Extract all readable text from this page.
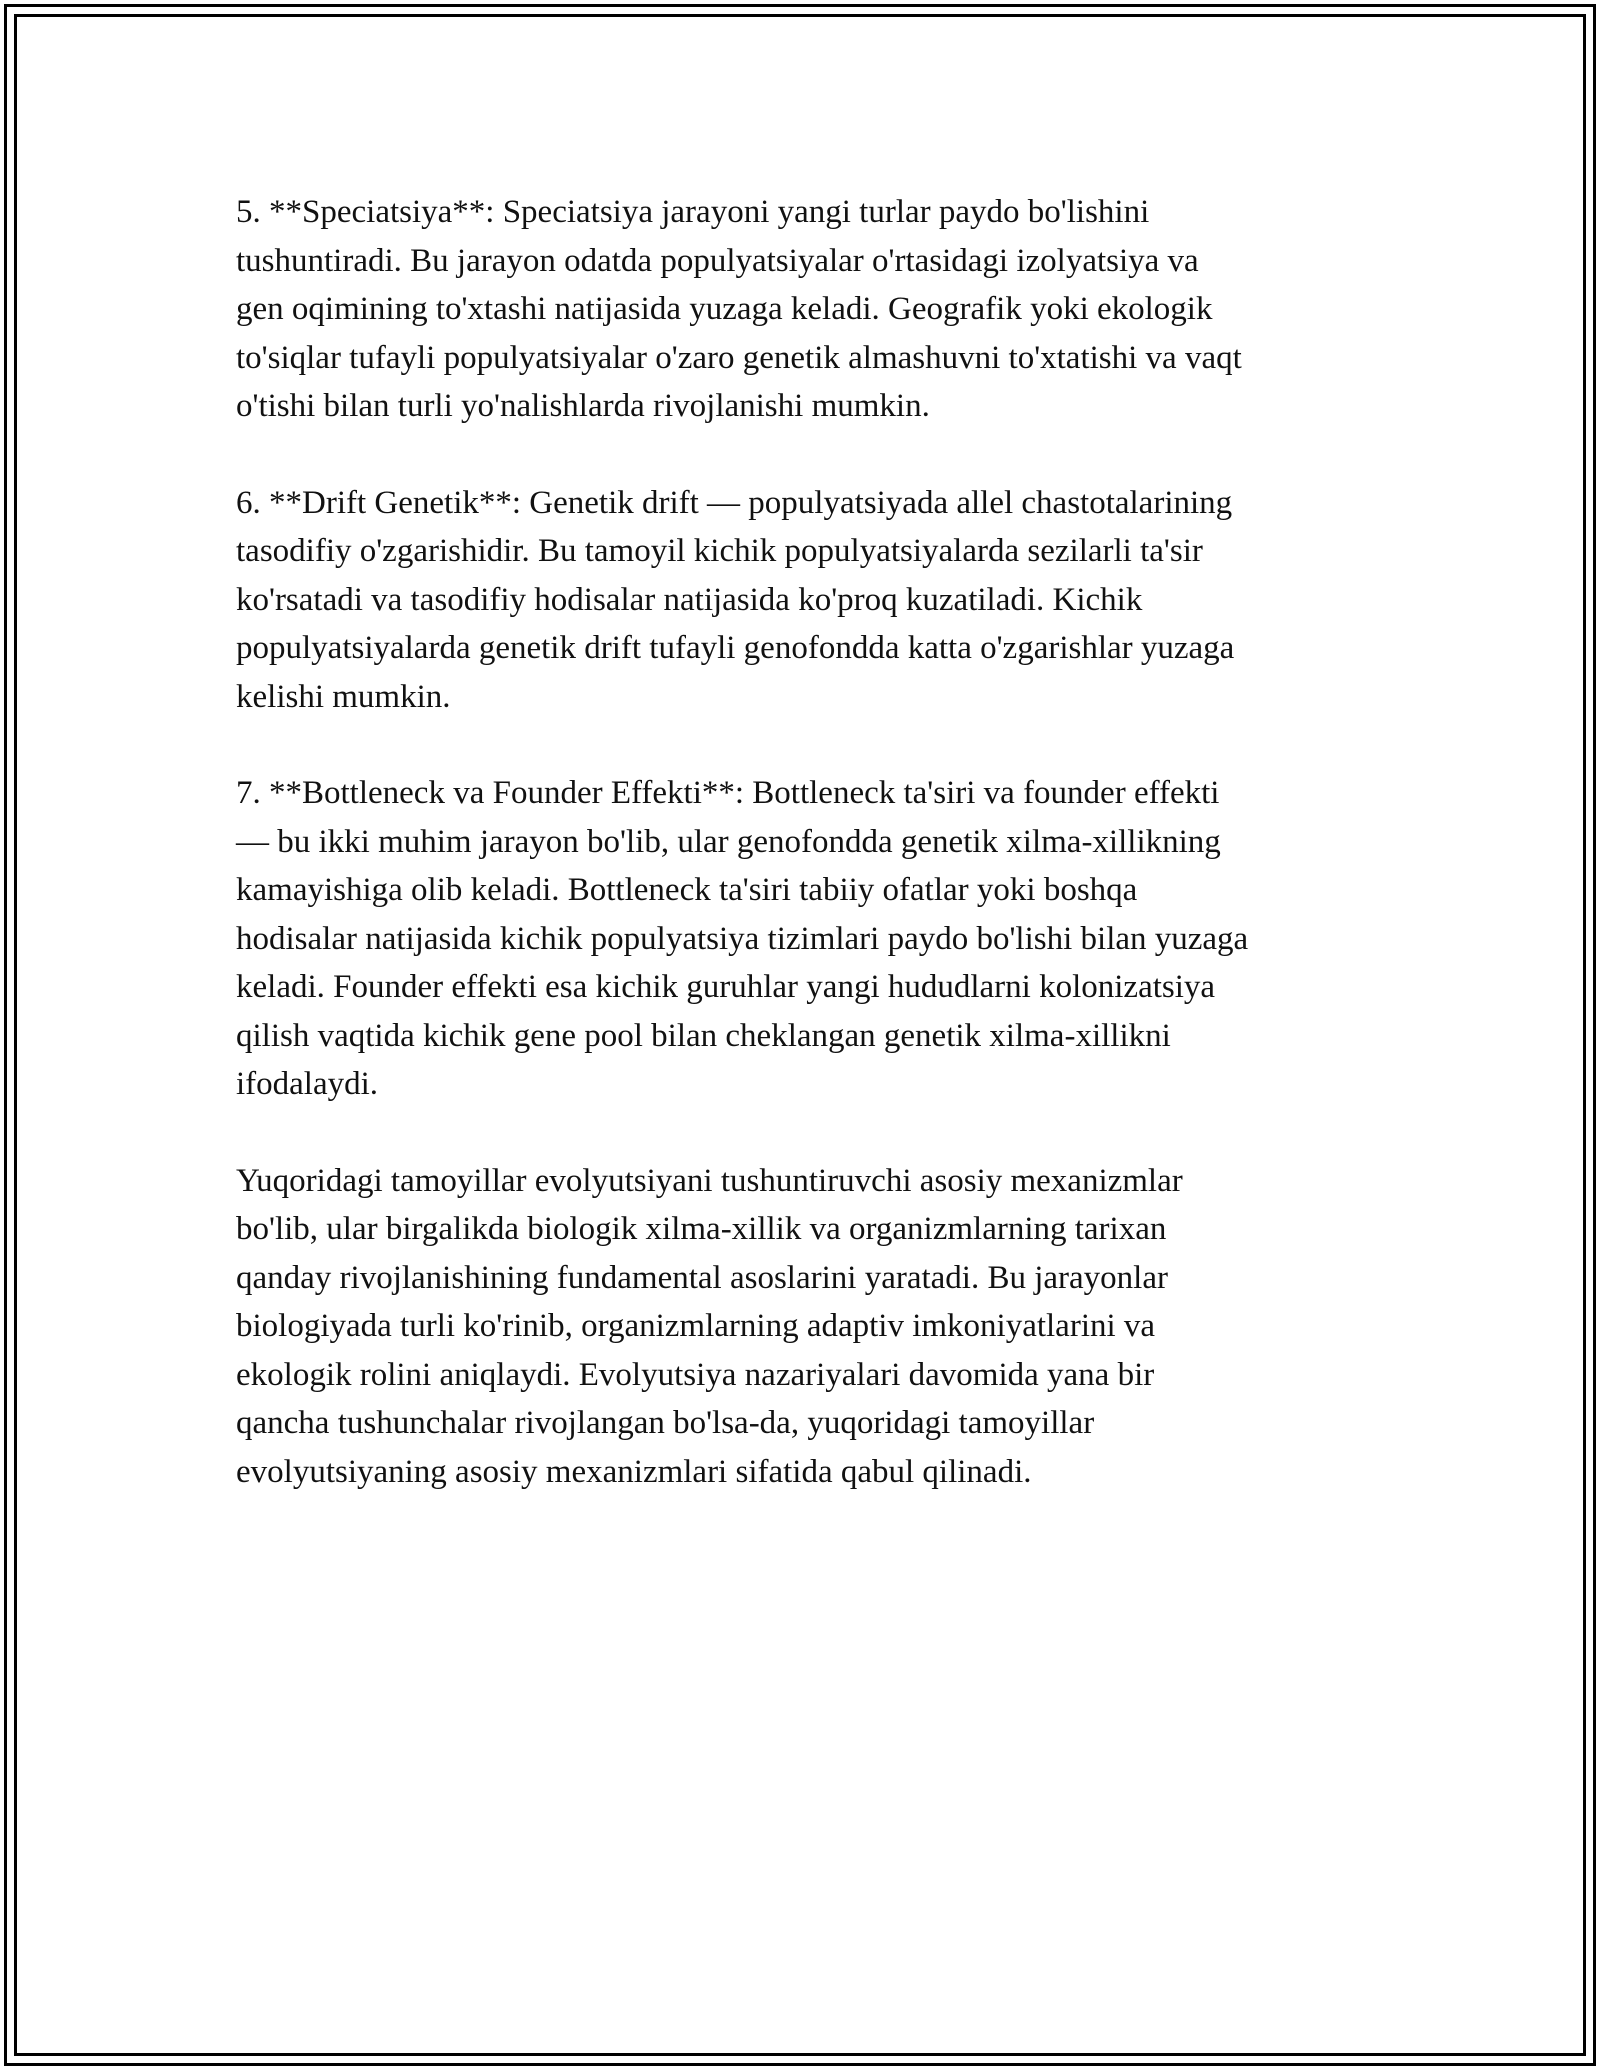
5. **Speciatsiya**: Speciatsiya jarayoni yangi turlar paydo bo'lishini
tushuntiradi. Bu jarayon odatda populyatsiyalar o'rtasidagi izolyatsiya va
gen oqimining to'xtashi natijasida yuzaga keladi. Geografik yoki ekologik
to'siqlar tufayli populyatsiyalar o'zaro genetik almashuvni to'xtatishi va vaqt
o'tishi bilan turli yo'nalishlarda rivojlanishi mumkin.

6. **Drift Genetik**: Genetik drift — populyatsiyada allel chastotalarining
tasodifiy o'zgarishidir. Bu tamoyil kichik populyatsiyalarda sezilarli ta'sir
ko'rsatadi va tasodifiy hodisalar natijasida ko'proq kuzatiladi. Kichik
populyatsiyalarda genetik drift tufayli genofondda katta o'zgarishlar yuzaga
kelishi mumkin.

7. **Bottleneck va Founder Effekti**: Bottleneck ta'siri va founder effekti
— bu ikki muhim jarayon bo'lib, ular genofondda genetik xilma-xillikning
kamayishiga olib keladi. Bottleneck ta'siri tabiiy ofatlar yoki boshqa
hodisalar natijasida kichik populyatsiya tizimlari paydo bo'lishi bilan yuzaga
keladi. Founder effekti esa kichik guruhlar yangi hududlarni kolonizatsiya
qilish vaqtida kichik gene pool bilan cheklangan genetik xilma-xillikni
ifodalaydi.

Yuqoridagi tamoyillar evolyutsiyani tushuntiruvchi asosiy mexanizmlar
bo'lib, ular birgalikda biologik xilma-xillik va organizmlarning tarixan
qanday rivojlanishining fundamental asoslarini yaratadi. Bu jarayonlar
biologiyada turli ko'rinib, organizmlarning adaptiv imkoniyatlarini va
ekologik rolini aniqlaydi. Evolyutsiya nazariyalari davomida yana bir
qancha tushunchalar rivojlangan bo'lsa-da, yuqoridagi tamoyillar
evolyutsiyaning asosiy mexanizmlari sifatida qabul qilinadi.
